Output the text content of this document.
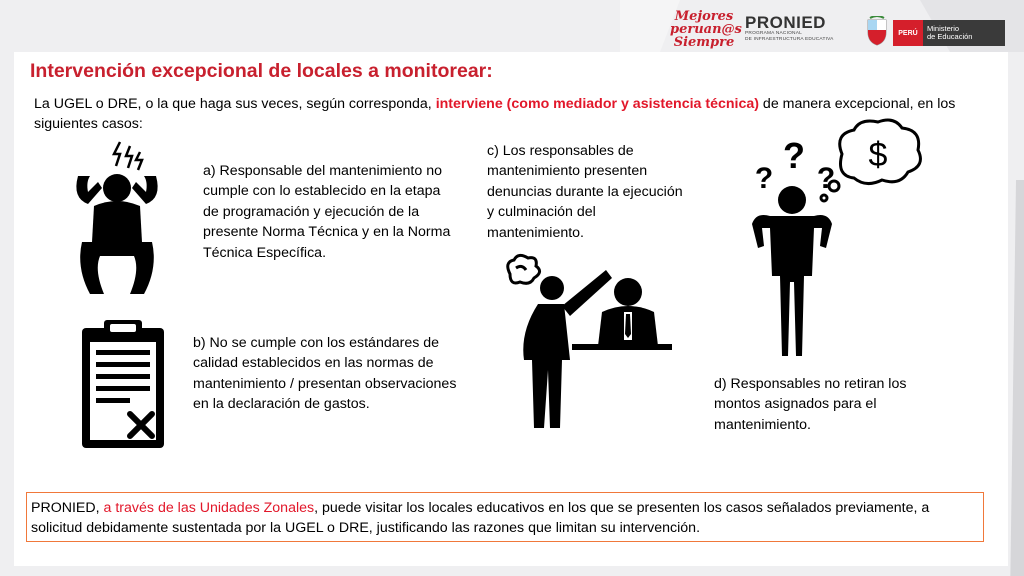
Mejores
peruan@s
Siempre
PRONIED
PROGRAMA NACIONAL
DE INFRAESTRUCTURA EDUCATIVA
PERÚ	Ministerio
de Educación
Intervención excepcional de locales a monitorear:
La UGEL o DRE, o la que haga sus veces, según corresponda, interviene (como mediador y asistencia técnica) de manera excepcional, en los siguientes casos:
a) Responsable del mantenimiento no cumple con lo establecido en la etapa de programación y ejecución de la presente Norma Técnica y en la Norma Técnica Específica.
b) No se cumple con los estándares de calidad establecidos en las normas de mantenimiento / presentan observaciones en la declaración de gastos.
c) Los responsables de mantenimiento presenten denuncias durante la ejecución y culminación del mantenimiento.
$
?
?
?
d) Responsables no retiran los montos asignados para el mantenimiento.
PRONIED, a través de las Unidades Zonales, puede visitar los locales educativos en los que se presenten los casos señalados previamente, a solicitud debidamente sustentada por la UGEL o DRE, justificando las razones que limitan su intervención.
